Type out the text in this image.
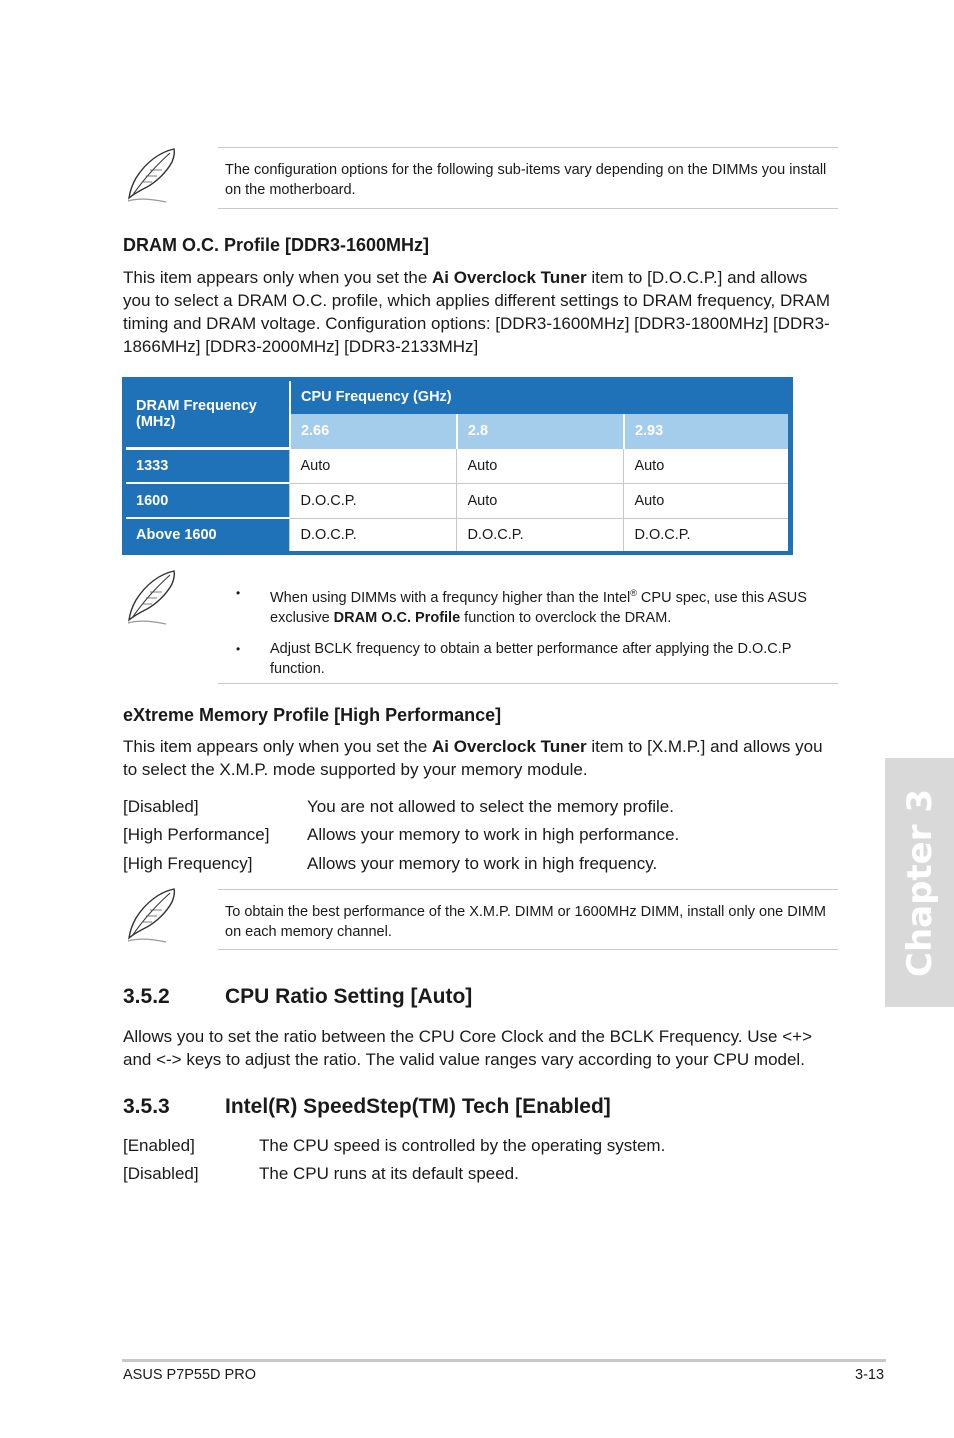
The configuration options for the following sub-items vary depending on the DIMMs you install on the motherboard.
DRAM O.C. Profile [DDR3-1600MHz]
This item appears only when you set the Ai Overclock Tuner item to [D.O.C.P.] and allows you to select a DRAM O.C. profile, which applies different settings to DRAM frequency, DRAM timing and DRAM voltage. Configuration options: [DDR3-1600MHz] [DDR3-1800MHz] [DDR3-1866MHz] [DDR3-2000MHz] [DDR3-2133MHz]
DRAM Frequency (MHz)	CPU Frequency (GHz)			
	2.66	2.8	2.93	
1333	Auto	Auto	Auto	
1600	D.O.C.P.	Auto	Auto	
Above 1600	D.O.C.P.	D.O.C.P.	D.O.C.P.	
• When using DIMMs with a frequncy higher than the Intel® CPU spec, use this ASUS exclusive DRAM O.C. Profile function to overclock the DRAM.
• Adjust BCLK frequency to obtain a better performance after applying the D.O.C.P function.
eXtreme Memory Profile [High Performance]
This item appears only when you set the Ai Overclock Tuner item to [X.M.P.] and allows you to select the X.M.P. mode supported by your memory module.
[Disabled]	You are not allowed to select the memory profile.
[High Performance] Allows your memory to work in high performance.
[High Frequency]	Allows your memory to work in high frequency.
To obtain the best performance of the X.M.P. DIMM or 1600MHz DIMM, install only one DIMM on each memory channel.
3.5.2	CPU Ratio Setting [Auto]
Allows you to set the ratio between the CPU Core Clock and the BCLK Frequency. Use <+> and <-> keys to adjust the ratio. The valid value ranges vary according to your CPU model.
3.5.3	Intel(R) SpeedStep(TM) Tech [Enabled]
[Enabled]	The CPU speed is controlled by the operating system.
[Disabled]	The CPU runs at its default speed.
Chapter 3
ASUS P7P55D PRO	3-13
